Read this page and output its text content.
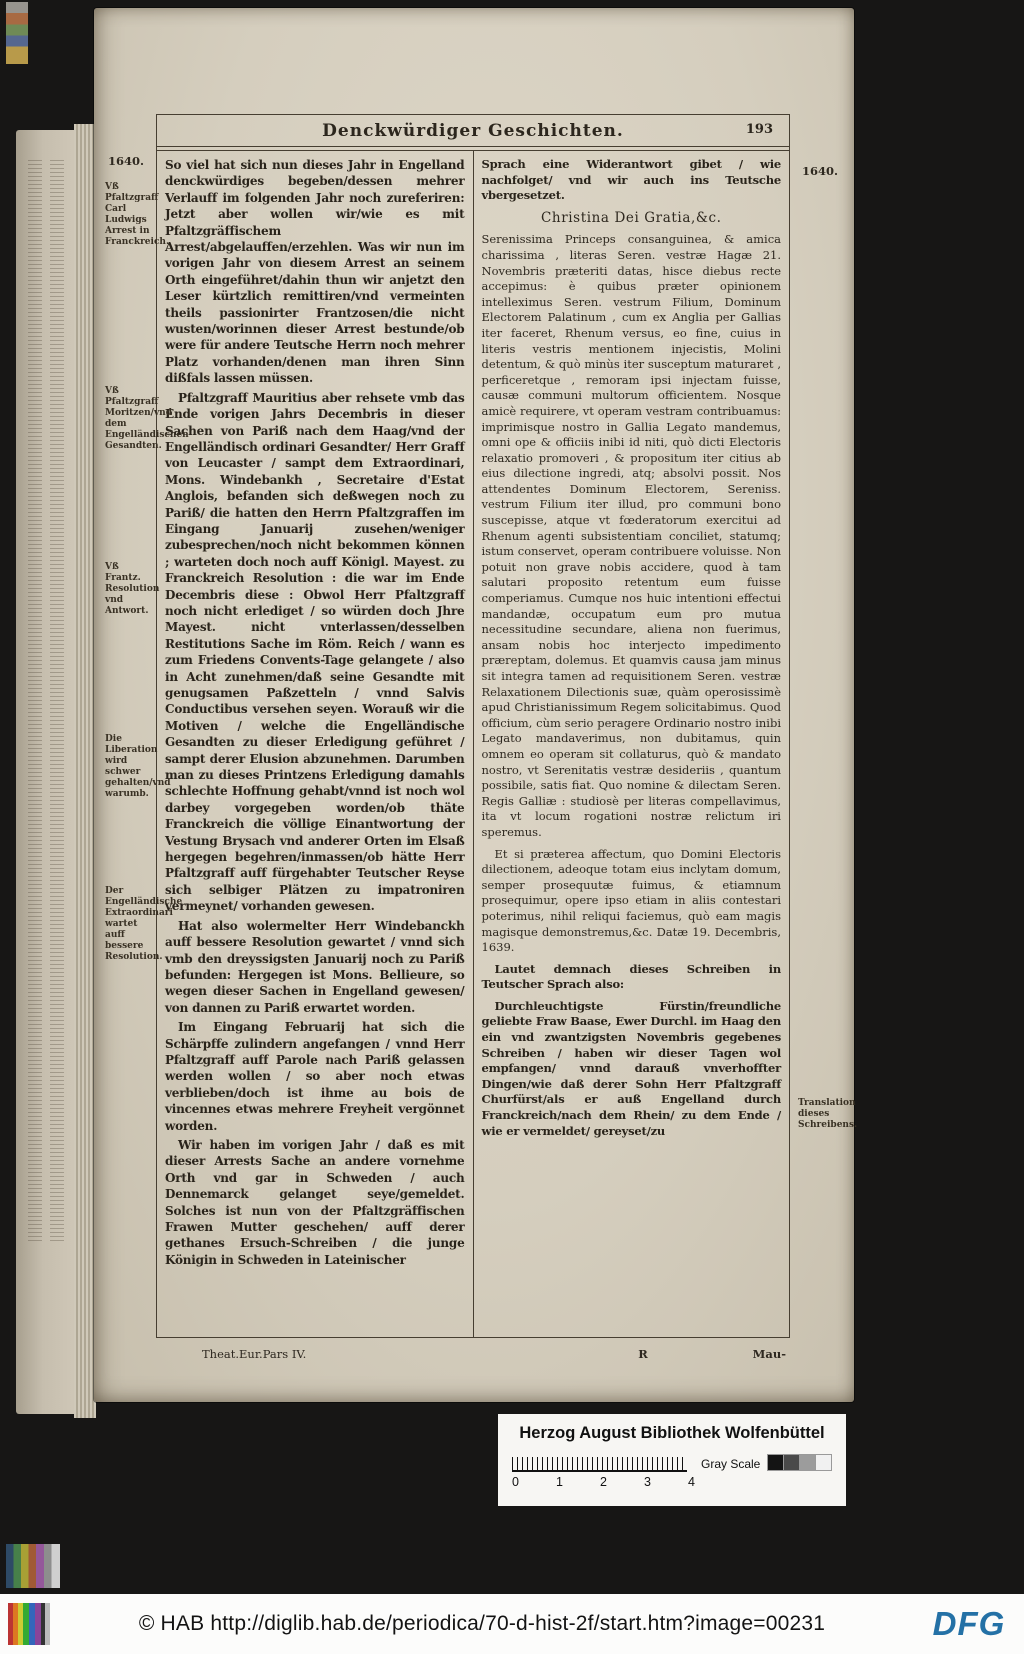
1640.
Vß Pfaltzgraff Carl Ludwigs Arrest in Franckreich.
Vß Pfaltzgraff Moritzen/vnd dem Engelländischen Gesandten.
Vß Frantz. Resolution vnd Antwort.
Die Liberation wird schwer gehalten/vnd warumb.
Der Engelländische Extraordinari wartet auff bessere Resolution.
Denckwürdiger Geschichten.	193

So viel hat sich nun dieses Jahr in Engelland denckwürdiges begeben/dessen mehrer Verlauff im folgenden Jahr noch zureferiren: Jetzt aber wollen wir/wie es mit Pfaltzgräffischem Arrest/abgelauffen/erzehlen. Was wir nun im vorigen Jahr von diesem Arrest an seinem Orth eingeführet/dahin thun wir anjetzt den Leser kürtzlich remittiren/vnd vermeinten theils passionirter Frantzosen/die nicht wusten/worinnen dieser Arrest bestunde/ob were für andere Teutsche Herrn noch mehrer Platz vorhanden/denen man ihren Sinn dißfals lassen müssen.

Pfaltzgraff Mauritius aber rehsete vmb das Ende vorigen Jahrs Decembris in dieser Sachen von Pariß nach dem Haag/vnd der Engelländisch ordinari Gesandter/ Herr Graff von Leucaster / sampt dem Extraordinari, Mons. Windebankh , Secretaire d'Estat Anglois, befanden sich deßwegen noch zu Pariß/ die hatten den Herrn Pfaltzgraffen im Eingang Januarij zusehen/weniger zubesprechen/noch nicht bekommen können ; warteten doch noch auff Königl. Mayest. zu Franckreich Resolution : die war im Ende Decembris diese : Obwol Herr Pfaltzgraff noch nicht erlediget / so würden doch Jhre Mayest. nicht vnterlassen/desselben Restitutions Sache im Röm. Reich / wann es zum Friedens Convents-Tage gelangete / also in Acht zunehmen/daß seine Gesandte mit genugsamen Paßzetteln / vnnd Salvis Conductibus versehen seyen. Worauß wir die Motiven / welche die Engelländische Gesandten zu dieser Erledigung geführet / sampt derer Elusion abzunehmen. Darumben man zu dieses Printzens Erledigung damahls schlechte Hoffnung gehabt/vnnd ist noch wol darbey vorgegeben worden/ob thäte Franckreich die völlige Einantwortung der Vestung Brysach vnd anderer Orten im Elsaß hergegen begehren/inmassen/ob hätte Herr Pfaltzgraff auff fürgehabter Teutscher Reyse sich selbiger Plätzen zu impatroniren vermeynet/ vorhanden gewesen.

Hat also wolermelter Herr Windebanckh auff bessere Resolution gewartet / vnnd sich vmb den dreyssigsten Januarij noch zu Pariß befunden: Hergegen ist Mons. Bellieure, so wegen dieser Sachen in Engelland gewesen/ von dannen zu Pariß erwartet worden.

Im Eingang Februarij hat sich die Schärpffe zulindern angefangen / vnnd Herr Pfaltzgraff auff Parole nach Pariß gelassen werden wollen / so aber noch etwas verblieben/doch ist ihme au bois de vincennes etwas mehrere Freyheit vergönnet worden.

Wir haben im vorigen Jahr / daß es mit dieser Arrests Sache an andere vornehme Orth vnd gar in Schweden / auch Dennemarck gelanget seye/gemeldet. Solches ist nun von der Pfaltzgräffischen Frawen Mutter geschehen/ auff derer gethanes Ersuch-Schreiben / die junge Königin in Schweden in Lateinischer

Sprach eine Widerantwort gibet / wie nachfolget/ vnd wir auch ins Teutsche vbergesetzet.

Christina Dei Gratia,&c.

Serenissima Princeps consanguinea, & amica charissima , literas Seren. vestræ Hagæ 21. Novembris præteriti datas, hisce diebus recte accepimus: è quibus præter opinionem intelleximus Seren. vestrum Filium, Dominum Electorem Palatinum , cum ex Anglia per Gallias iter faceret, Rhenum versus, eo fine, cuius in literis vestris mentionem injecistis, Molini detentum, & quò minùs iter susceptum maturaret , perficeretque , remoram ipsi injectam fuisse, causæ communi multorum officientem. Nosque amicè requirere, vt operam vestram contribuamus: imprimisque nostro in Gallia Legato mandemus, omni ope & officiis inibi id niti, quò dicti Electoris relaxatio promoveri , & propositum iter citius ab eius dilectione ingredi, atq; absolvi possit. Nos attendentes Dominum Electorem, Sereniss. vestrum Filium iter illud, pro communi bono suscepisse, atque vt fœderatorum exercitui ad Rhenum agenti subsistentiam conciliet, statumq; istum conservet, operam contribuere voluisse. Non potuit non grave nobis accidere, quod à tam salutari proposito retentum eum fuisse comperiamus. Cumque nos huic intentioni effectui mandandæ, occupatum eum pro mutua necessitudine secundare, aliena non fuerimus, ansam nobis hoc interjecto impedimento præreptam, dolemus. Et quamvis causa jam minus sit integra tamen ad requisitionem Seren. vestræ Relaxationem Dilectionis suæ, quàm operosissimè apud Christianissimum Regem solicitabimus. Quod officium, cùm serio peragere Ordinario nostro inibi Legato mandaverimus, non dubitamus, quin omnem eo operam sit collaturus, quò & mandato nostro, vt Serenitatis vestræ desideriis , quantum possibile, satis fiat. Quo nomine & dilectam Seren. Regis Galliæ : studiosè per literas compellavimus, ita vt locum rogationi nostræ relictum iri speremus.

Et si præterea affectum, quo Domini Electoris dilectionem, adeoque totam eius inclytam domum, semper prosequutæ fuimus, & etiamnum prosequimur, opere ipso etiam in aliis contestari poterimus, nihil reliqui faciemus, quò eam magis magisque demonstremus,&c. Datæ 19. Decembris, 1639.

Lautet demnach dieses Schreiben in Teutscher Sprach also:

Durchleuchtigste Fürstin/freundliche geliebte Fraw Baase, Ewer Durchl. im Haag den ein vnd zwantzigsten Novembris gegebenes Schreiben / haben wir dieser Tagen wol empfangen/ vnnd darauß vnverhoffter Dingen/wie daß derer Sohn Herr Pfaltzgraff Churfürst/als er auß Engelland durch Franckreich/nach dem Rhein/ zu dem Ende / wie er vermeldet/ gereyset/zu

Theat.Eur.Pars IV.	R	Mau-
1640.
Translation dieses Schreibens.
Herzog August Bibliothek Wolfenbüttel
Gray Scale
0	1	2	3	4
© HAB http://diglib.hab.de/periodica/70-d-hist-2f/start.htm?image=00231	DFG
